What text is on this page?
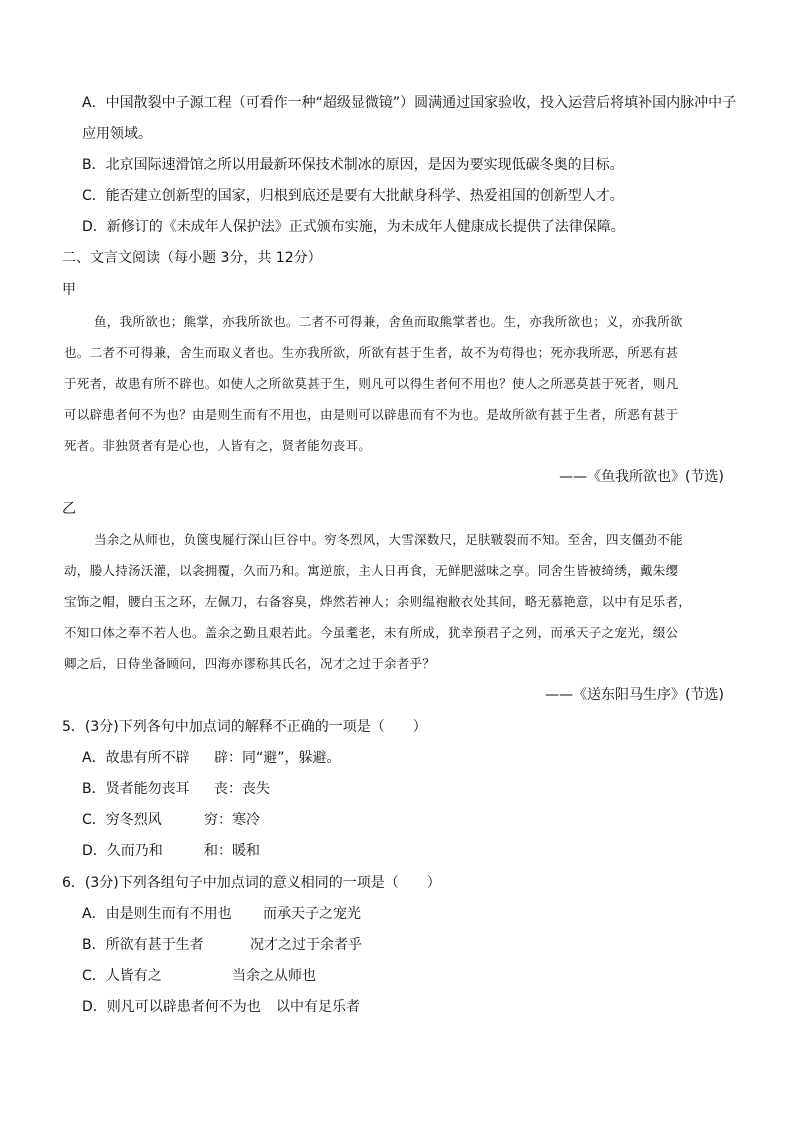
A．中国散裂中子源工程（可看作一种“超级显微镜”）圆满通过国家验收，投入运营后将填补国内脉冲中子
应用领域。
B．北京国际速滑馆之所以用最新环保技术制冰的原因，是因为要实现低碳冬奥的目标。
C．能否建立创新型的国家，归根到底还是要有大批献身科学、热爱祖国的创新型人才。
D．新修订的《未成年人保护法》正式颁布实施，为未成年人健康成长提供了法律保障。
二、文言文阅读（每小题 3分，共 12分）
甲
鱼，我所欲也；熊掌，亦我所欲也。二者不可得兼，舍鱼而取熊掌者也。生，亦我所欲也；义，亦我所欲
也。二者不可得兼，舍生而取义者也。生亦我所欲，所欲有甚于生者，故不为苟得也；死亦我所恶，所恶有甚
于死者，故患有所不辟也。如使人之所欲莫甚于生，则凡可以得生者何不用也？使人之所恶莫甚于死者，则凡
可以辟患者何不为也？由是则生而有不用也，由是则可以辟患而有不为也。是故所欲有甚于生者，所恶有甚于
死者。非独贤者有是心也，人皆有之，贤者能勿丧耳。
——《鱼我所欲也》(节选)
乙
当余之从师也，负箧曳屣行深山巨谷中。穷冬烈风，大雪深数尺，足肤皲裂而不知。至舍，四支僵劲不能
动，媵人持汤沃灌，以衾拥覆，久而乃和。寓逆旅，主人日再食，无鲜肥滋味之享。同舍生皆被绮绣，戴朱缨
宝饰之帽，腰白玉之环，左佩刀，右备容臭，烨然若神人；余则缊袍敝衣处其间，略无慕艳意，以中有足乐者，
不知口体之奉不若人也。盖余之勤且艰若此。今虽耄老，未有所成，犹幸预君子之列，而承天子之宠光，缀公
卿之后，日侍坐备顾问，四海亦谬称其氏名，况才之过于余者乎？
——《送东阳马生序》(节选)
5．(3分)下列各句中加点词的解释不正确的一项是（　　）
A．故患有所不辟 辟：同“避”，躲避。
B．贤者能勿丧耳 丧：丧失
C．穷冬烈风	穷：寒冷
D．久而乃和	和：暖和
6．(3分)下列各组句子中加点词的意义相同的一项是（　　）
A．由是则生而有不用也 而承天子之宠光
B．所欲有甚于生者	况才之过于余者乎
C．人皆有之	当余之从师也
D．则凡可以辟患者何不为也 以中有足乐者
